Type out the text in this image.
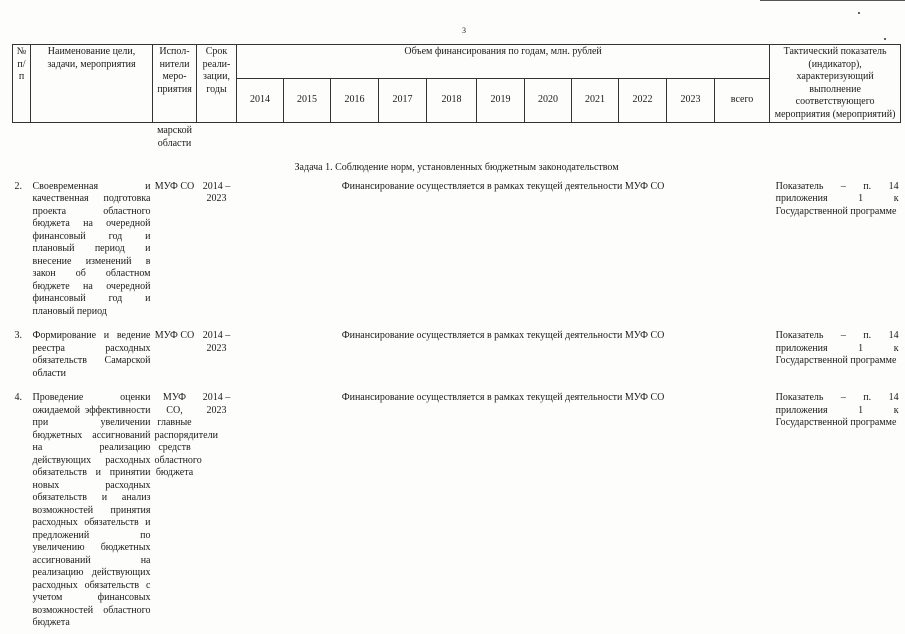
3
№ п/п	Наименование цели, задачи, мероприятия	Испол-нители меро-приятия	Срок реали-зации, годы	Объем финансирования по годам, млн. рублей											Тактический показатель (индикатор), характеризующий выполнение соответствующего мероприятия (мероприятий)
				2014	2015	2016	2017	2018	2019	2020	2021	2022	2023	всего	
		марской области													
Задача 1. Соблюдение норм, установленных бюджетным законодательством															
2.	Своевременная и качественная подготовка проекта областного бюджета на очередной финансовый год и плановый период и внесение изменений в закон об областном бюджете на очередной финансовый год и плановый период	МУФ СО	2014 – 2023	Финансирование осуществляется в рамках текущей деятельности МУФ СО											Показатель – п. 14 приложения 1 к Государственной программе

3.	Формирование и ведение реестра расходных обязательств Самарской области	МУФ СО	2014 – 2023	Финансирование осуществляется в рамках текущей деятельности МУФ СО											Показатель – п. 14 приложения 1 к Государственной программе

4.	Проведение оценки ожидаемой эффективности при увеличении бюджетных ассигнований на реализацию действующих расходных обязательств и принятии новых расходных обязательств и анализ возможностей принятия расходных обязательств и предложений по увеличению бюджетных ассигнований на реализацию действующих расходных обязательств с учетом финансовых возможностей областного бюджета	МУФ СО, главные распорядители средств областного бюджета	2014 – 2023	Финансирование осуществляется в рамках текущей деятельности МУФ СО											Показатель – п. 14 приложения 1 к Государственной программе
